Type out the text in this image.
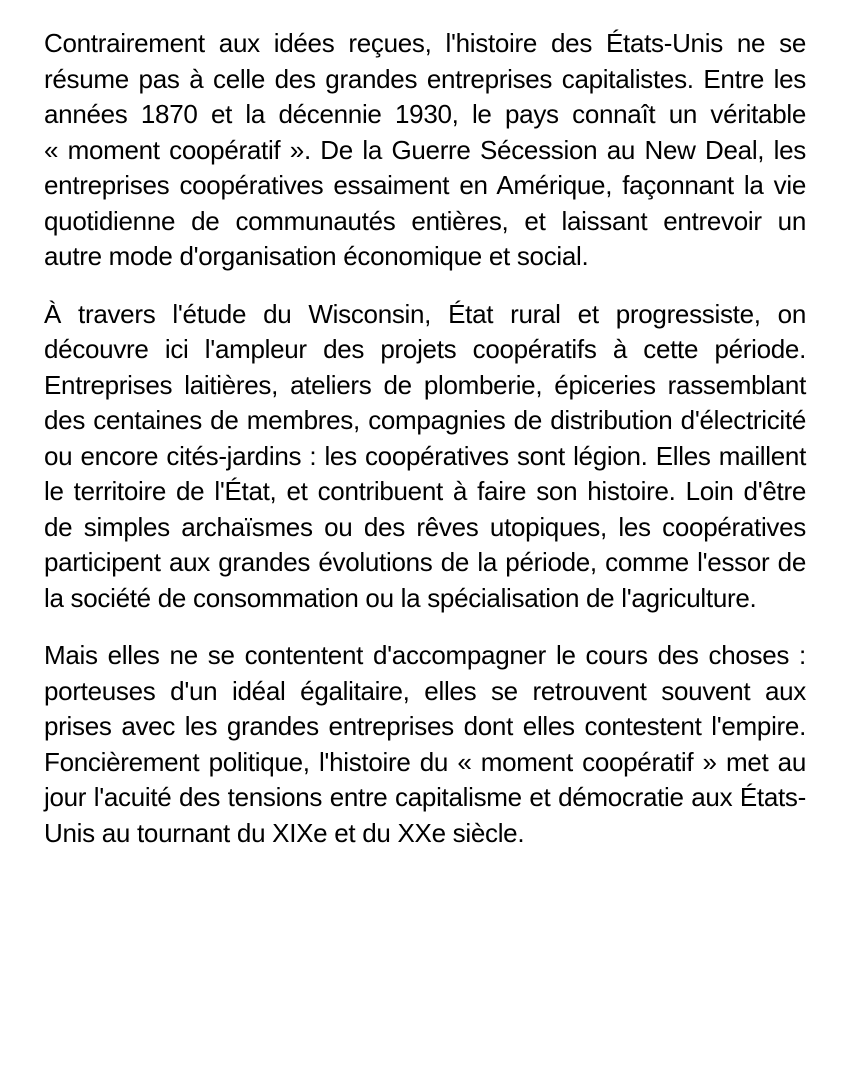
Contrairement aux idées reçues, l'histoire des États-Unis ne se résume pas à celle des grandes entreprises capitalistes. Entre les années 1870 et la décennie 1930, le pays connaît un véritable « moment coopératif ». De la Guerre Sécession au New Deal, les entreprises coopératives essaiment en Amérique, façonnant la vie quotidienne de communautés entières, et laissant entrevoir un autre mode d'organisation économique et social.

À travers l'étude du Wisconsin, État rural et progressiste, on découvre ici l'ampleur des projets coopératifs à cette période. Entreprises laitières, ateliers de plomberie, épiceries rassemblant des centaines de membres, compagnies de distribution d'électricité ou encore cités-jardins : les coopératives sont légion. Elles maillent le territoire de l'État, et contribuent à faire son histoire. Loin d'être de simples archaïsmes ou des rêves utopiques, les coopératives participent aux grandes évolutions de la période, comme l'essor de la société de consommation ou la spécialisation de l'agriculture.

Mais elles ne se contentent d'accompagner le cours des choses : porteuses d'un idéal égalitaire, elles se retrouvent souvent aux prises avec les grandes entreprises dont elles contestent l'empire. Foncièrement politique, l'histoire du « moment coopératif » met au jour l'acuité des tensions entre capitalisme et démocratie aux États-Unis au tournant du XIXe et du XXe siècle.
